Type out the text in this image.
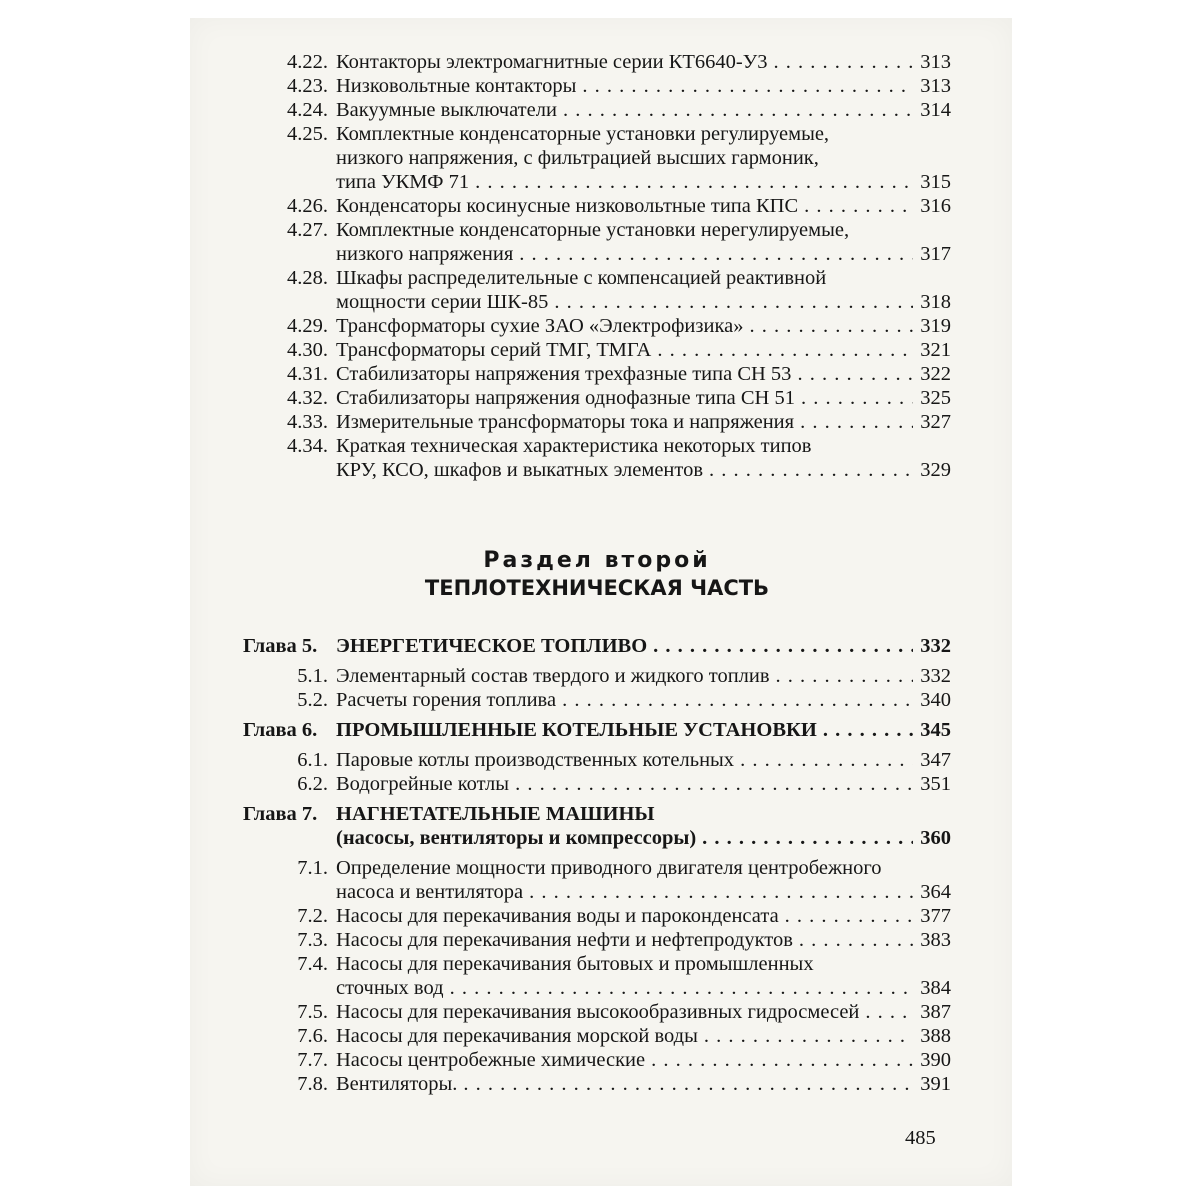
4.22. Контакторы электромагнитные серии КТ6640-У3 . . .	313
4.23. Низковольтные контакторы . . .	313
4.24. Вакуумные выключатели . . .	314
4.25. Комплектные конденсаторные установки регулируемые,
низкого напряжения, с фильтрацией высших гармоник,
типа УКМФ 71 . . .	315
4.26. Конденсаторы косинусные низковольтные типа КПС . . .	316
4.27. Комплектные конденсаторные установки нерегулируемые,
низкого напряжения . . .	317
4.28. Шкафы распределительные с компенсацией реактивной
мощности серии ШК-85 . . .	318
4.29. Трансформаторы сухие ЗАО «Электрофизика» . . .	319
4.30. Трансформаторы серий ТМГ, ТМГА . . .	321
4.31. Стабилизаторы напряжения трехфазные типа СН 53 . . .	322
4.32. Стабилизаторы напряжения однофазные типа СН 51 . . .	325
4.33. Измерительные трансформаторы тока и напряжения . . .	327
4.34. Краткая техническая характеристика некоторых типов
КРУ, КСО, шкафов и выкатных элементов . . .	329
Раздел второй
ТЕПЛОТЕХНИЧЕСКАЯ ЧАСТЬ
Глава 5. ЭНЕРГЕТИЧЕСКОЕ ТОПЛИВО . . .	332
5.1. Элементарный состав твердого и жидкого топлив . . .	332
5.2. Расчеты горения топлива . . .	340
Глава 6. ПРОМЫШЛЕННЫЕ КОТЕЛЬНЫЕ УСТАНОВКИ . . .	345
6.1. Паровые котлы производственных котельных . . .	347
6.2. Водогрейные котлы . . .	351
Глава 7. НАГНЕТАТЕЛЬНЫЕ МАШИНЫ
(насосы, вентиляторы и компрессоры) . . .	360
7.1. Определение мощности приводного двигателя центробежного
насоса и вентилятора . . .	364
7.2. Насосы для перекачивания воды и пароконденсата . . .	377
7.3. Насосы для перекачивания нефти и нефтепродуктов . . .	383
7.4. Насосы для перекачивания бытовых и промышленных
сточных вод . . .	384
7.5. Насосы для перекачивания высокообразивных гидросмесей . . .	387
7.6. Насосы для перекачивания морской воды . . .	388
7.7. Насосы центробежные химические . . .	390
7.8. Вентиляторы. . . .	391
485
